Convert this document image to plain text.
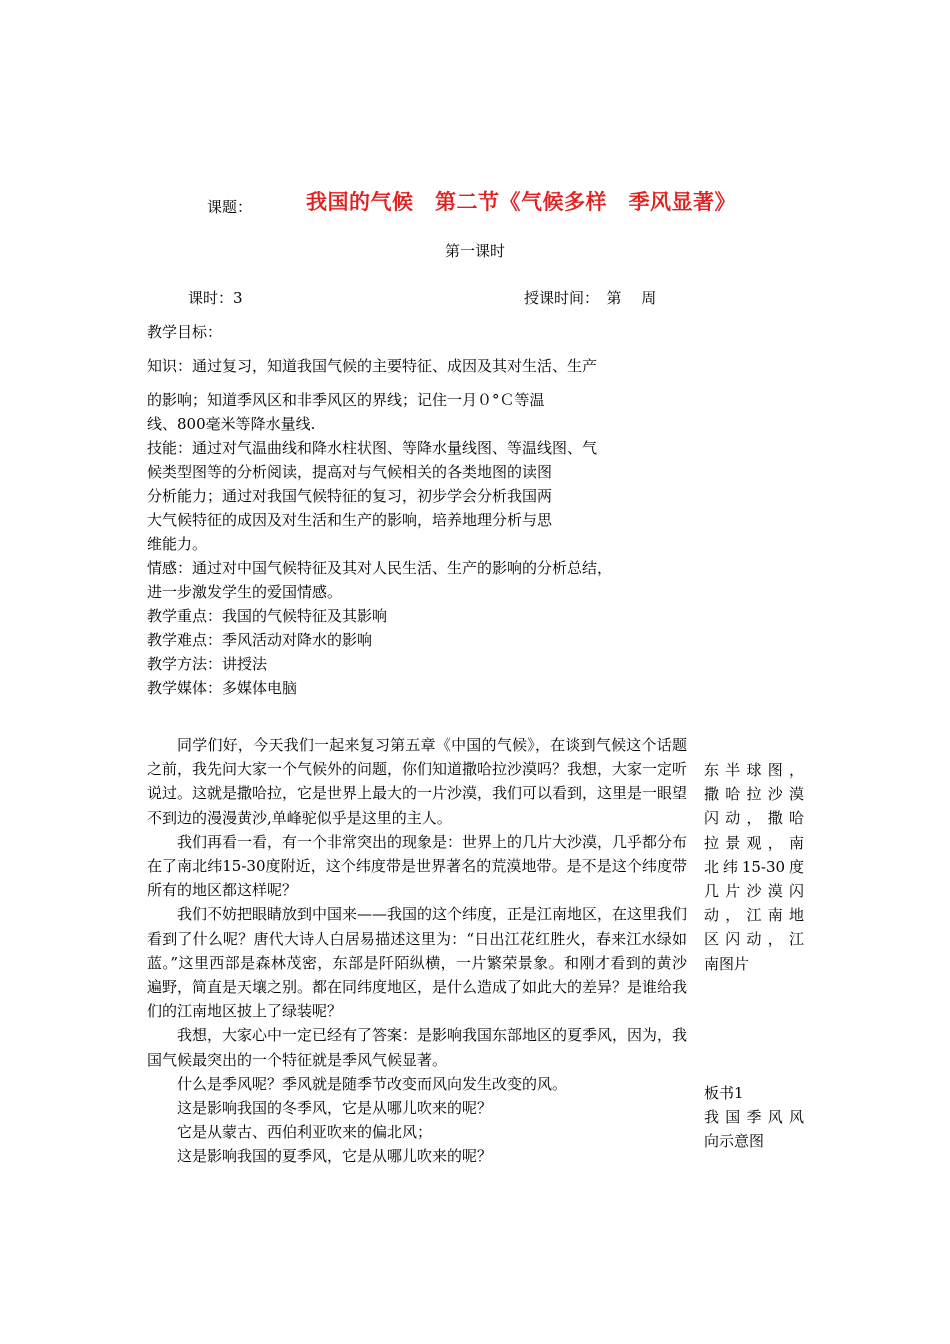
课题：	我国的气候　第二节《气候多样　季风显著》
第一课时
课时：3	授课时间：　第　 周
教学目标：
知识：通过复习，知道我国气候的主要特征、成因及其对生活、生产
的影响；知道季风区和非季风区的界线；记住一月０°Ｃ等温
线、800毫米等降水量线.
技能：通过对气温曲线和降水柱状图、等降水量线图、等温线图、气
候类型图等的分析阅读，提高对与气候相关的各类地图的读图
分析能力；通过对我国气候特征的复习，初步学会分析我国两
大气候特征的成因及对生活和生产的影响，培养地理分析与思
维能力。
情感：通过对中国气候特征及其对人民生活、生产的影响的分析总结，
进一步激发学生的爱国情感。
教学重点：我国的气候特征及其影响
教学难点：季风活动对降水的影响
教学方法：讲授法
教学媒体：多媒体电脑

同学们好，今天我们一起来复习第五章《中国的气候》，在谈到气候这个话题之前，我先问大家一个气候外的问题，你们知道撒哈拉沙漠吗？我想，大家一定听说过。这就是撒哈拉，它是世界上最大的一片沙漠，我们可以看到，这里是一眼望不到边的漫漫黄沙,单峰驼似乎是这里的主人。

我们再看一看，有一个非常突出的现象是：世界上的几片大沙漠，几乎都分布在了南北纬15-30度附近，这个纬度带是世界著名的荒漠地带。是不是这个纬度带所有的地区都这样呢？

我们不妨把眼睛放到中国来——我国的这个纬度，正是江南地区，在这里我们看到了什么呢？唐代大诗人白居易描述这里为：“日出江花红胜火，春来江水绿如蓝。”这里西部是森林茂密，东部是阡陌纵横，一片繁荣景象。和刚才看到的黄沙遍野，简直是天壤之别。都在同纬度地区，是什么造成了如此大的差异？是谁给我们的江南地区披上了绿装呢？

我想，大家心中一定已经有了答案：是影响我国东部地区的夏季风，因为，我国气候最突出的一个特征就是季风气候显著。

什么是季风呢？季风就是随季节改变而风向发生改变的风。

这是影响我国的冬季风，它是从哪儿吹来的呢？

它是从蒙古、西伯利亚吹来的偏北风；

这是影响我国的夏季风，它是从哪儿吹来的呢？

东半球图，
撒哈拉沙漠
闪动，撒哈
拉景观，南
北纬15-30度
几片沙漠闪
动，江南地
区闪动，江
南图片
板书1
我国季风风
向示意图
